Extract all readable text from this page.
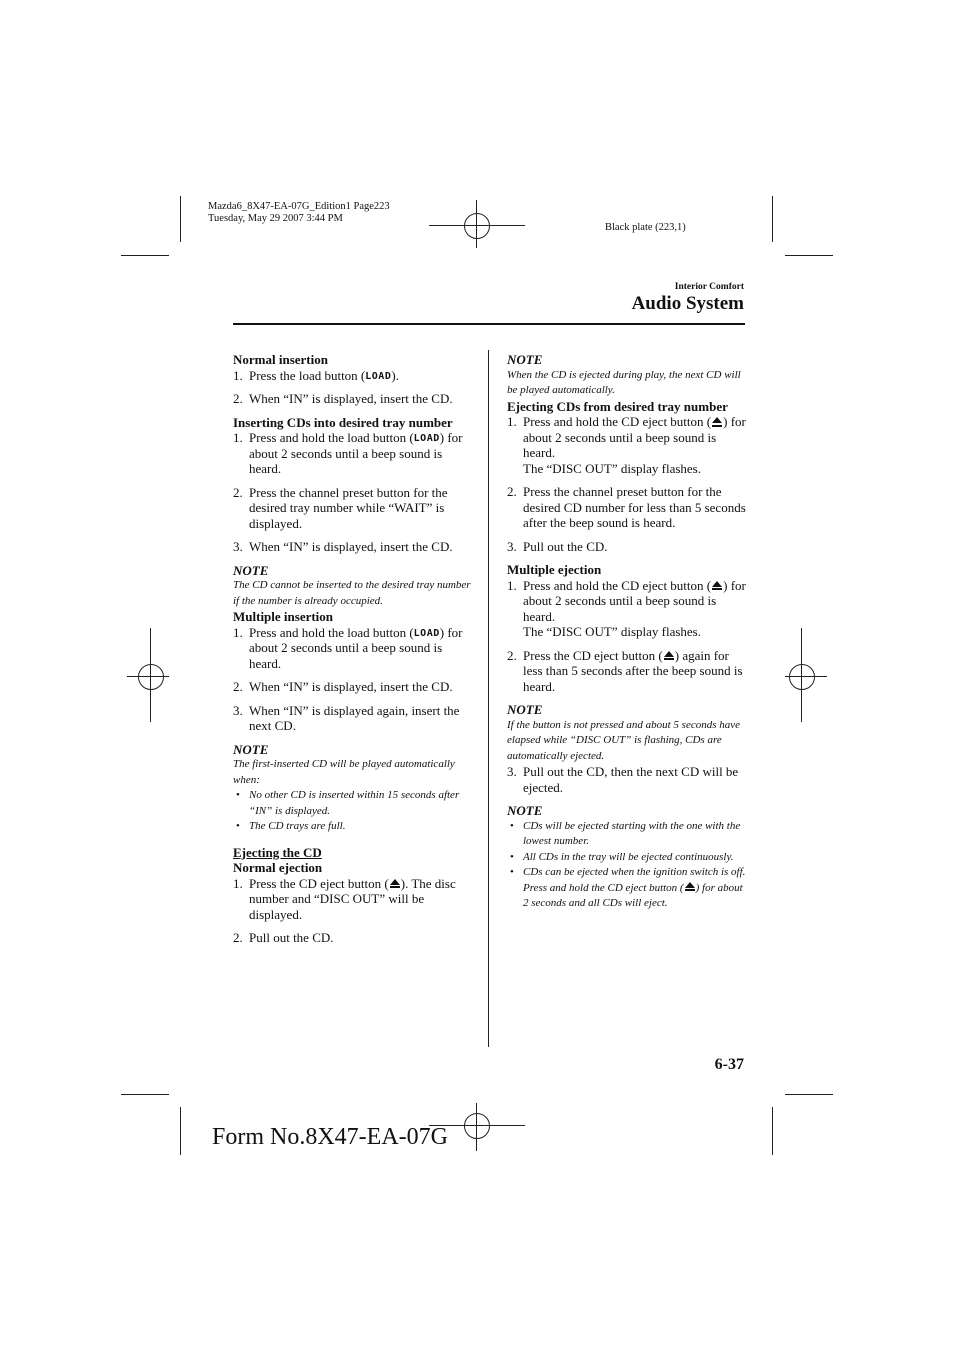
Mazda6_8X47-EA-07G_Edition1 Page223
Tuesday, May 29 2007 3:44 PM
Black plate (223,1)
Interior Comfort
Audio System

Normal insertion

1. Press the load button (LOAD).
2. When “IN” is displayed, insert the CD.

Inserting CDs into desired tray number

1. Press and hold the load button (LOAD) for about 2 seconds until a beep sound is heard.
2. Press the channel preset button for the desired tray number while “WAIT” is displayed.
3. When “IN” is displayed, insert the CD.

NOTE

The CD cannot be inserted to the desired tray number if the number is already occupied.

Multiple insertion

1. Press and hold the load button (LOAD) for about 2 seconds until a beep sound is heard.
2. When “IN” is displayed, insert the CD.
3. When “IN” is displayed again, insert the next CD.

NOTE

The first-inserted CD will be played automatically when:
• No other CD is inserted within 15 seconds after “IN” is displayed.
• The CD trays are full.

Ejecting the CD

Normal ejection

1. Press the CD eject button ( ). The disc number and “DISC OUT” will be displayed.
2. Pull out the CD.

NOTE

When the CD is ejected during play, the next CD will be played automatically.

Ejecting CDs from desired tray number

1. Press and hold the CD eject button ( ) for about 2 seconds until a beep sound is heard.
The “DISC OUT” display flashes.
2. Press the channel preset button for the desired CD number for less than 5 seconds after the beep sound is heard.
3. Pull out the CD.

Multiple ejection

1. Press and hold the CD eject button ( ) for about 2 seconds until a beep sound is heard.
The “DISC OUT” display flashes.
2. Press the CD eject button ( ) again for less than 5 seconds after the beep sound is heard.

NOTE

If the button is not pressed and about 5 seconds have elapsed while “DISC OUT” is flashing, CDs are automatically ejected.

3. Pull out the CD, then the next CD will be ejected.

NOTE

• CDs will be ejected starting with the one with the lowest number.
• All CDs in the tray will be ejected continuously.
• CDs can be ejected when the ignition switch is off. Press and hold the CD eject button ( ) for about 2 seconds and all CDs will eject.
6-37
Form No.8X47-EA-07G
